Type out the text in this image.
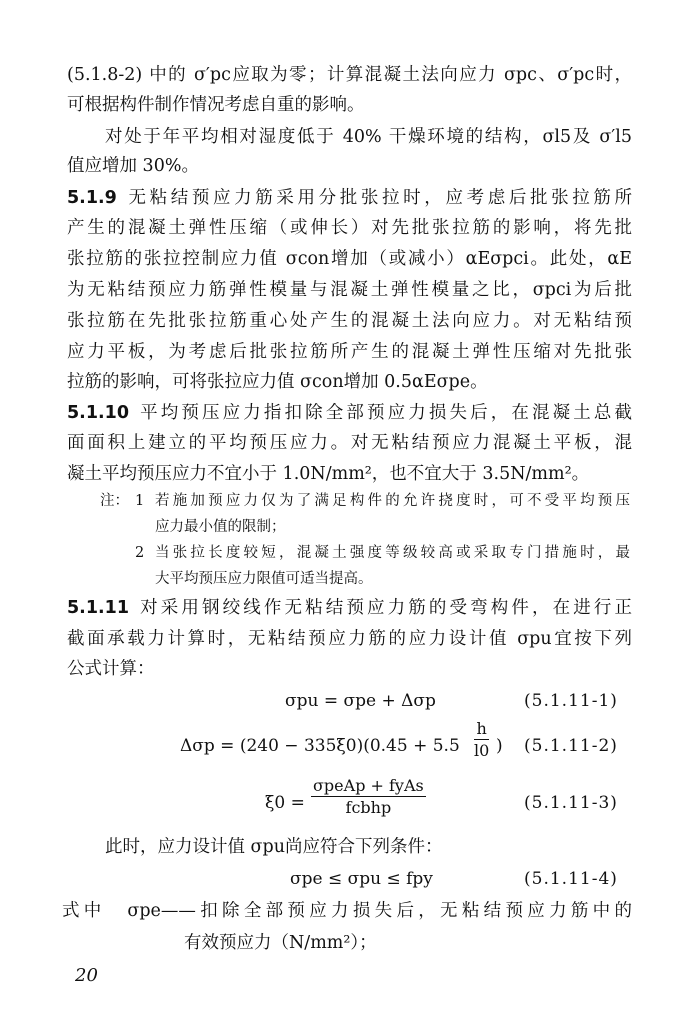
(5.1.8-2) 中的 σ′pc应取为零；计算混凝土法向应力 σpc、σ′pc时，
可根据构件制作情况考虑自重的影响。
对处于年平均相对湿度低于 40% 干燥环境的结构，σl5及 σ′l5
值应增加 30%。
5.1.9 无粘结预应力筋采用分批张拉时，应考虑后批张拉筋所
产生的混凝土弹性压缩（或伸长）对先批张拉筋的影响，将先批
张拉筋的张拉控制应力值 σcon增加（或减小）αEσpci。此处，αE
为无粘结预应力筋弹性模量与混凝土弹性模量之比，σpci为后批
张拉筋在先批张拉筋重心处产生的混凝土法向应力。对无粘结预
应力平板，为考虑后批张拉筋所产生的混凝土弹性压缩对先批张
拉筋的影响，可将张拉应力值 σcon增加 0.5αEσpe。
5.1.10 平均预压应力指扣除全部预应力损失后，在混凝土总截
面面积上建立的平均预压应力。对无粘结预应力混凝土平板，混
凝土平均预压应力不宜小于 1.0N/mm²，也不宜大于 3.5N/mm²。
注： 1 若施加预应力仅为了满足构件的允许挠度时，可不受平均预压
应力最小值的限制；
2 当张拉长度较短，混凝土强度等级较高或采取专门措施时，最
大平均预压应力限值可适当提高。
5.1.11 对采用钢绞线作无粘结预应力筋的受弯构件，在进行正
截面承载力计算时，无粘结预应力筋的应力设计值 σpu宜按下列
公式计算：
σpu = σpe + Δσp	(5.1.11-1)
$\Delta\sigma p = (240 - 335\xi 0)(0.45 + 5.5 \frac{h}{l0}$ ) (5.1.11-2)
ξ0 =
σpeAp + fyAs
fcbhp	(5.1.11-3)
此时，应力设计值 σpu尚应符合下列条件：
σpe ≤ σpu ≤ fpy	(5.1.11-4)
式中　σpe——扣除全部预应力损失后，无粘结预应力筋中的
有效预应力（N/mm²）；
20
